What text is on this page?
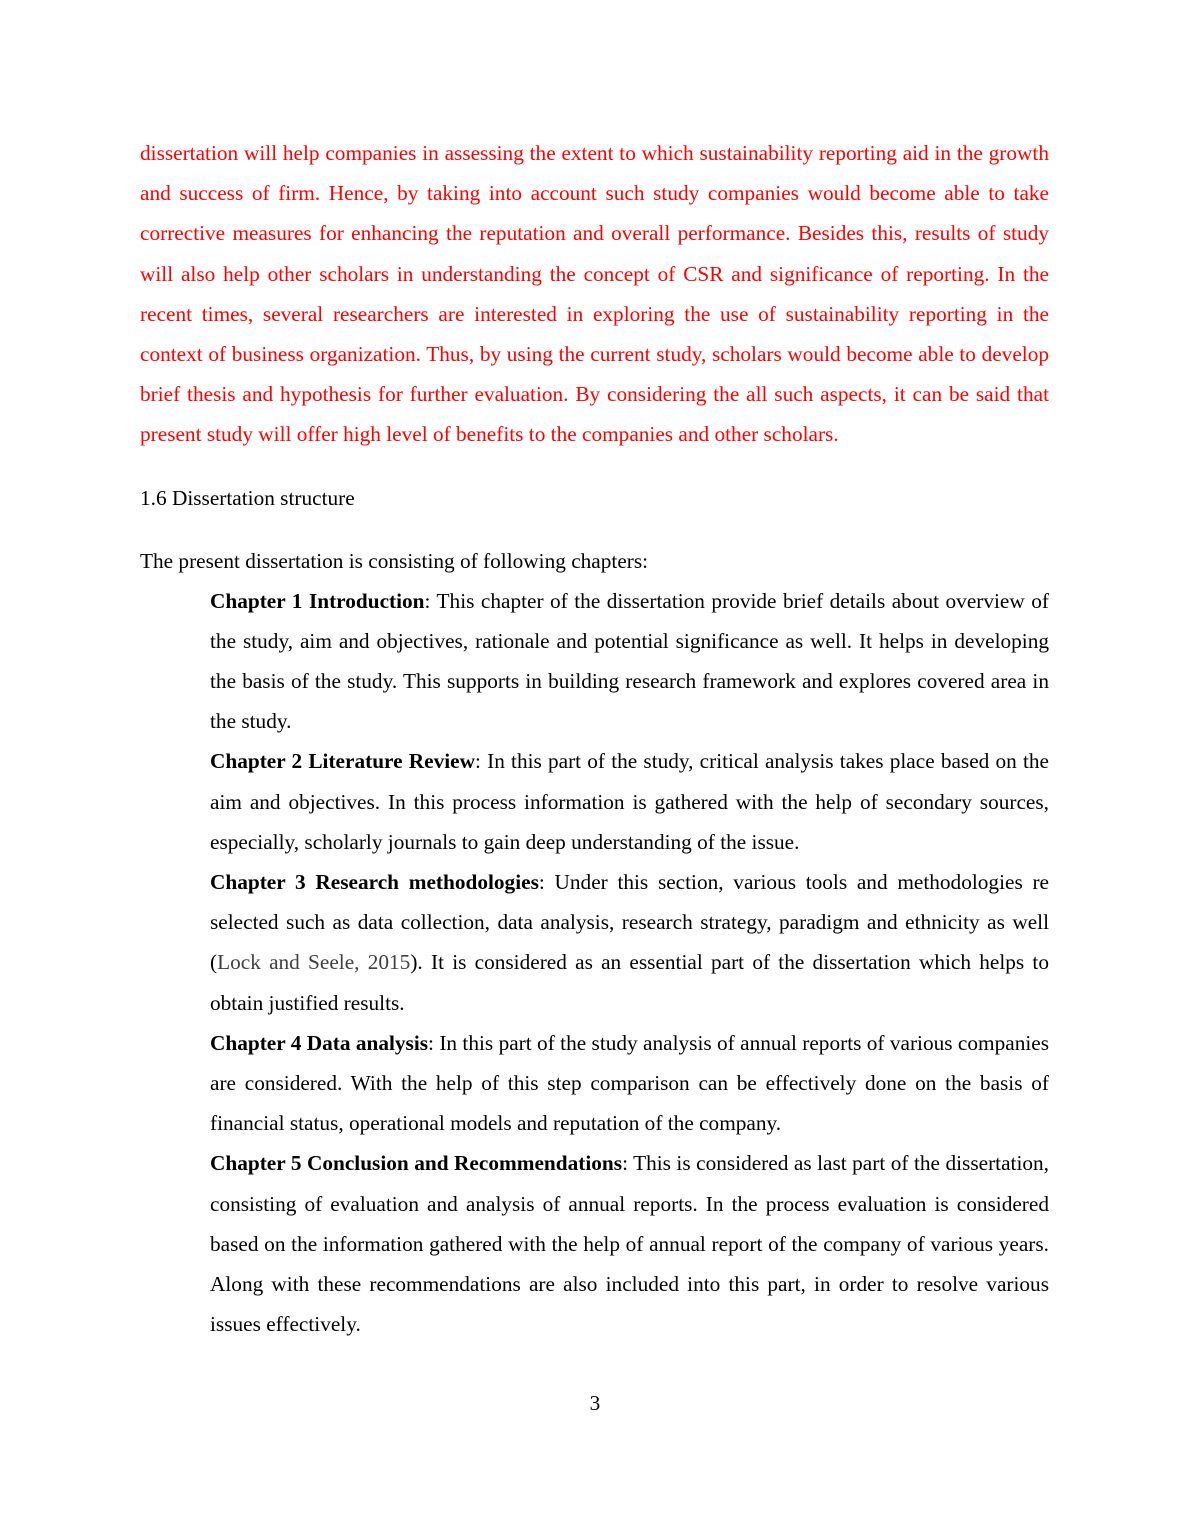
dissertation will help companies in assessing the extent to which sustainability reporting aid in the growth and success of firm. Hence, by taking into account such study companies would become able to take corrective measures for enhancing the reputation and overall performance. Besides this, results of study will also help other scholars in understanding the concept of CSR and significance of reporting. In the recent times, several researchers are interested in exploring the use of sustainability reporting in the context of business organization. Thus, by using the current study, scholars would become able to develop brief thesis and hypothesis for further evaluation. By considering the all such aspects, it can be said that present study will offer high level of benefits to the companies and other scholars.

1.6 Dissertation structure
The present dissertation is consisting of following chapters:

Chapter 1 Introduction: This chapter of the dissertation provide brief details about overview of the study, aim and objectives, rationale and potential significance as well. It helps in developing the basis of the study. This supports in building research framework and explores covered area in the study.

Chapter 2 Literature Review: In this part of the study, critical analysis takes place based on the aim and objectives. In this process information is gathered with the help of secondary sources, especially, scholarly journals to gain deep understanding of the issue.

Chapter 3 Research methodologies: Under this section, various tools and methodologies re selected such as data collection, data analysis, research strategy, paradigm and ethnicity as well (Lock and Seele, 2015). It is considered as an essential part of the dissertation which helps to obtain justified results.

Chapter 4 Data analysis: In this part of the study analysis of annual reports of various companies are considered. With the help of this step comparison can be effectively done on the basis of financial status, operational models and reputation of the company.

Chapter 5 Conclusion and Recommendations: This is considered as last part of the dissertation, consisting of evaluation and analysis of annual reports. In the process evaluation is considered based on the information gathered with the help of annual report of the company of various years. Along with these recommendations are also included into this part, in order to resolve various issues effectively.

3
